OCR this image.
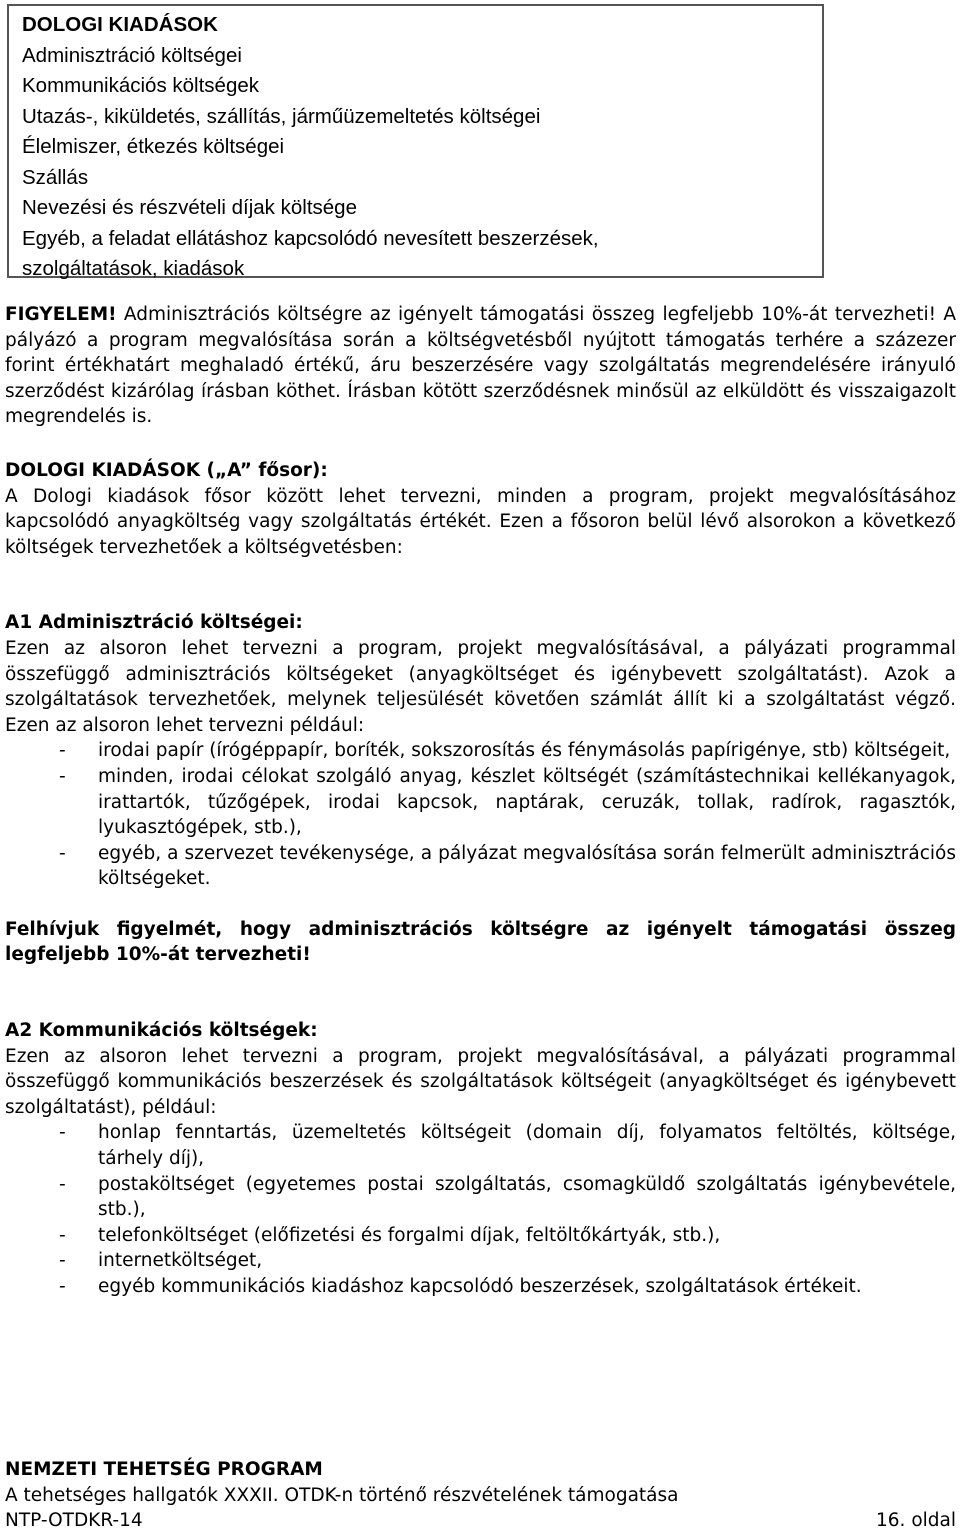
DOLOGI KIADÁSOK
Adminisztráció költségei
Kommunikációs költségek
Utazás-, kiküldetés, szállítás, járműüzemeltetés költségei
Élelmiszer, étkezés költségei
Szállás
Nevezési és részvételi díjak költsége
Egyéb, a feladat ellátáshoz kapcsolódó nevesített beszerzések,
szolgáltatások, kiadások

FIGYELEM! Adminisztrációs költségre az igényelt támogatási összeg legfeljebb 10%-át tervezheti! A pályázó a program megvalósítása során a költségvetésből nyújtott támogatás terhére a százezer forint értékhatárt meghaladó értékű, áru beszerzésére vagy szolgáltatás megrendelésére irányuló szerződést kizárólag írásban köthet. Írásban kötött szerződésnek minősül az elküldött és visszaigazolt megrendelés is.

DOLOGI KIADÁSOK („A” fősor):

A Dologi kiadások fősor között lehet tervezni, minden a program, projekt megvalósításához kapcsolódó anyagköltség vagy szolgáltatás értékét. Ezen a fősoron belül lévő alsorokon a következő költségek tervezhetőek a költségvetésben:

A1 Adminisztráció költségei:

Ezen az alsoron lehet tervezni a program, projekt megvalósításával, a pályázati programmal összefüggő adminisztrációs költségeket (anyagköltséget és igénybevett szolgáltatást). Azok a szolgáltatások tervezhetőek, melynek teljesülését követően számlát állít ki a szolgáltatást végző. Ezen az alsoron lehet tervezni például:

-	irodai papír (írógéppapír, boríték, sokszorosítás és fénymásolás papírigénye, stb) költségeit,
-	minden, irodai célokat szolgáló anyag, készlet költségét (számítástechnikai kellékanyagok, irattartók, tűzőgépek, irodai kapcsok, naptárak, ceruzák, tollak, radírok, ragasztók, lyukasztógépek, stb.),
-	egyéb, a szervezet tevékenysége, a pályázat megvalósítása során felmerült adminisztrációs költségeket.

Felhívjuk figyelmét, hogy adminisztrációs költségre az igényelt támogatási összeg legfeljebb 10%-át tervezheti!

A2 Kommunikációs költségek:

Ezen az alsoron lehet tervezni a program, projekt megvalósításával, a pályázati programmal összefüggő kommunikációs beszerzések és szolgáltatások költségeit (anyagköltséget és igénybevett szolgáltatást), például:

-	honlap fenntartás, üzemeltetés költségeit (domain díj, folyamatos feltöltés, költsége, tárhely díj),
-	postaköltséget (egyetemes postai szolgáltatás, csomagküldő szolgáltatás igénybevétele, stb.),
-	telefonköltséget (előfizetési és forgalmi díjak, feltöltőkártyák, stb.),
-	internetköltséget,
-	egyéb kommunikációs kiadáshoz kapcsolódó beszerzések, szolgáltatások értékeit.
NEMZETI TEHETSÉG PROGRAM
A tehetséges hallgatók XXXII. OTDK-n történő részvételének támogatása
NTP-OTDKR-14	16. oldal
